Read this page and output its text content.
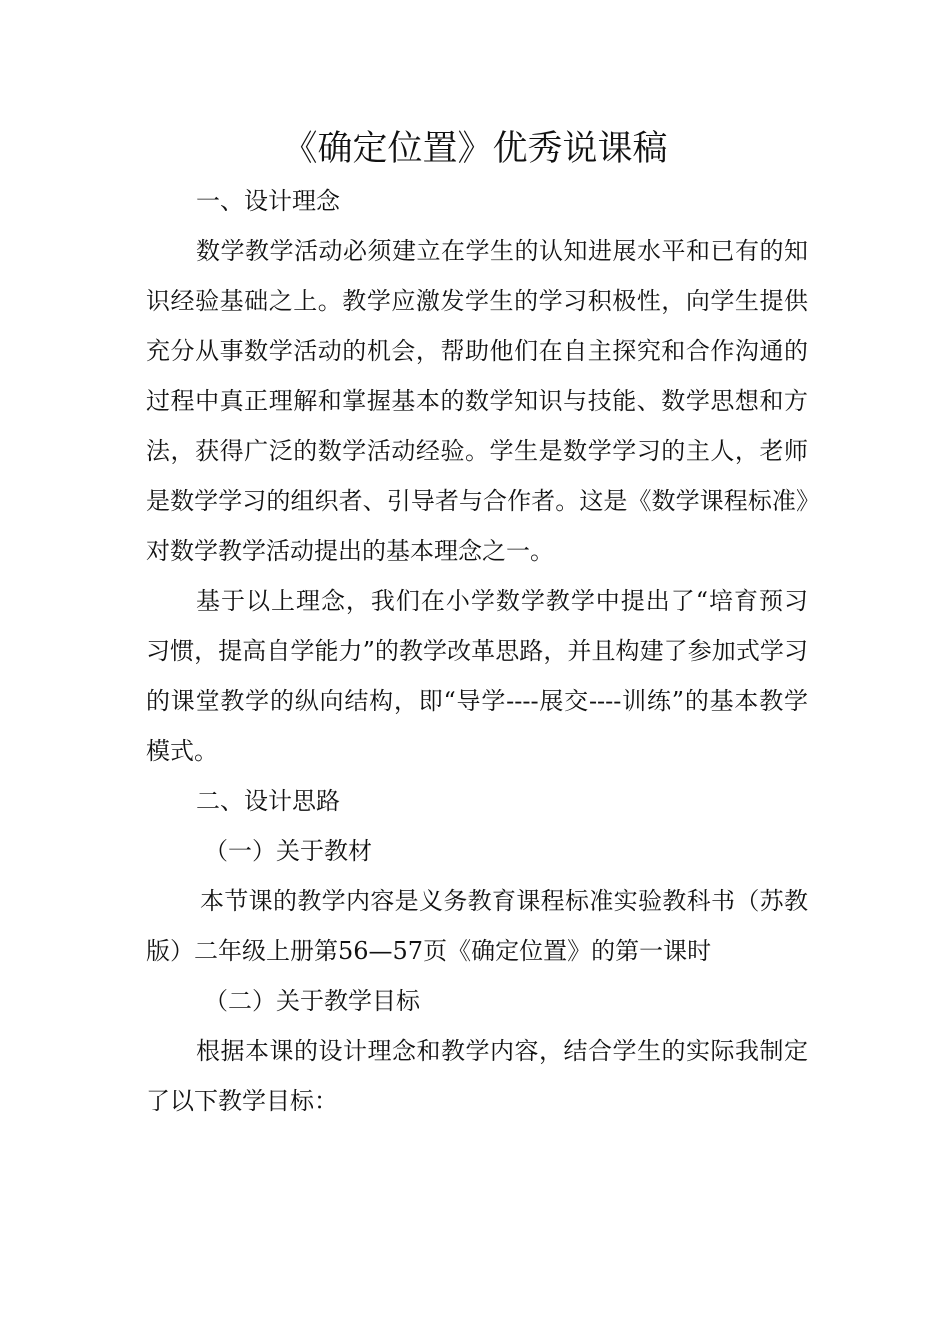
《确定位置》优秀说课稿

一、设计理念

数学教学活动必须建立在学生的认知进展水平和已有的知识经验基础之上。教学应激发学生的学习积极性，向学生提供充分从事数学活动的机会，帮助他们在自主探究和合作沟通的过程中真正理解和掌握基本的数学知识与技能、数学思想和方法，获得广泛的数学活动经验。学生是数学学习的主人，老师是数学学习的组织者、引导者与合作者。这是《数学课程标准》对数学教学活动提出的基本理念之一。

基于以上理念，我们在小学数学教学中提出了“培育预习习惯，提高自学能力”的教学改革思路，并且构建了参加式学习的课堂教学的纵向结构，即“导学----展交----训练”的基本教学模式。

二、设计思路

（一）关于教材

本节课的教学内容是义务教育课程标准实验教科书（苏教版）二年级上册第56—57页《确定位置》的第一课时

（二）关于教学目标

根据本课的设计理念和教学内容，结合学生的实际我制定了以下教学目标：
